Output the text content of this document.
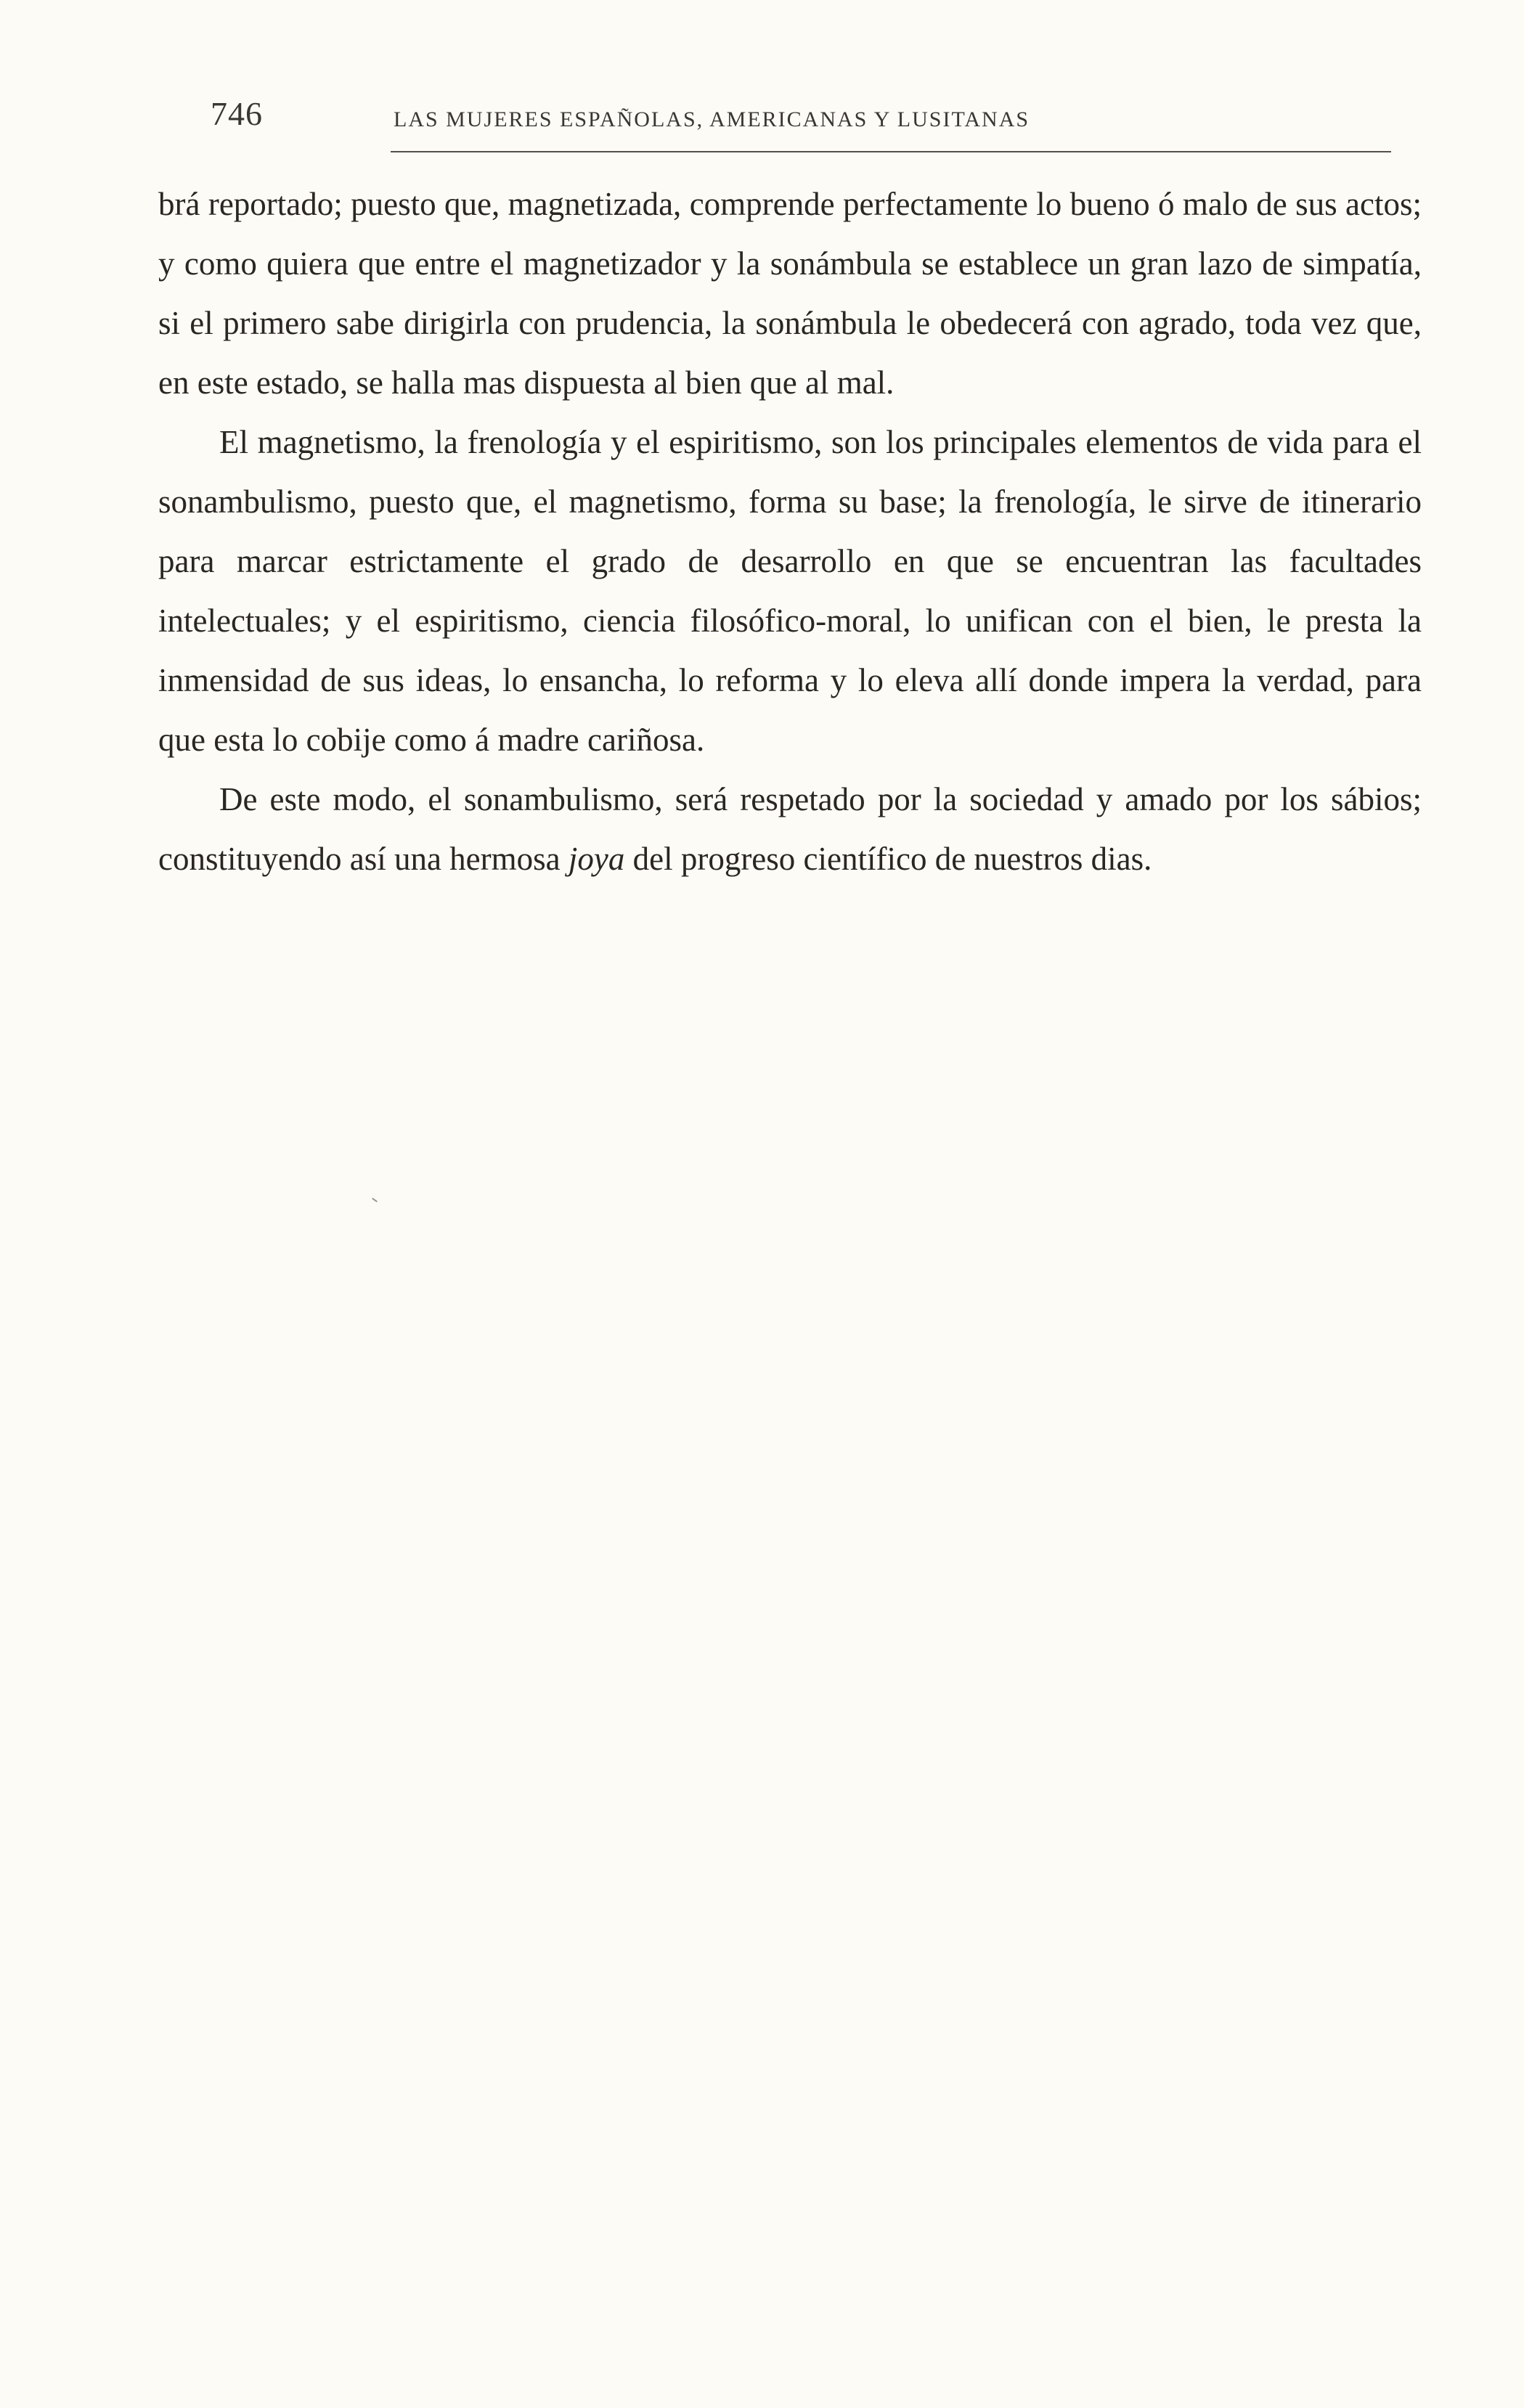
746	LAS MUJERES ESPAÑOLAS, AMERICANAS Y LUSITANAS

brá reportado; puesto que, magnetizada, comprende perfectamente lo bueno ó malo de sus actos; y como quiera que entre el magnetizador y la sonámbula se establece un gran lazo de simpatía, si el primero sabe dirigirla con prudencia, la sonámbula le obedecerá con agrado, toda vez que, en este estado, se halla mas dispuesta al bien que al mal.

El magnetismo, la frenología y el espiritismo, son los principales elementos de vida para el sonambulismo, puesto que, el magnetismo, forma su base; la frenología, le sirve de itinerario para marcar estrictamente el grado de desarrollo en que se encuentran las facultades intelectuales; y el espiritismo, ciencia filosófico-moral, lo unifican con el bien, le presta la inmensidad de sus ideas, lo ensancha, lo reforma y lo eleva allí donde impera la verdad, para que esta lo cobije como á madre cariñosa.

De este modo, el sonambulismo, será respetado por la sociedad y amado por los sábios; constituyendo así una hermosa joya del progreso científico de nuestros dias.
